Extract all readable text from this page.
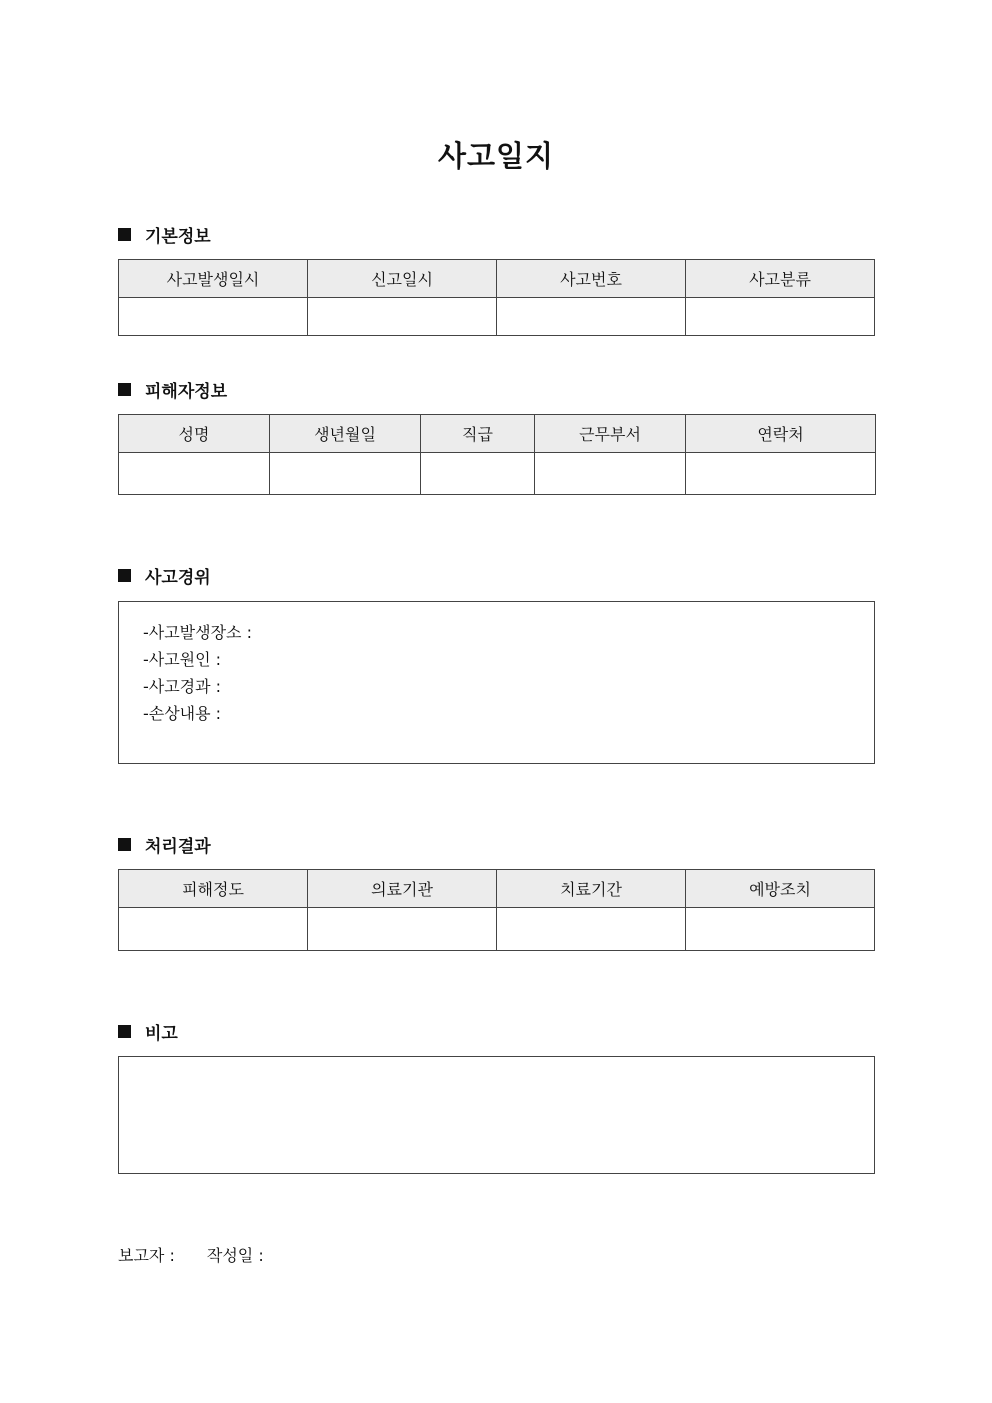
사고일지
기본정보
사고발생일시	신고일시	사고번호	사고분류

피해자정보
성명	생년월일	직급	근무부서	연락처

사고경위
-사고발생장소 :
-사고원인 :
-사고경과 :
-손상내용 :
처리결과
피해정도	의료기관	치료기간	예방조치

비고
보고자 : 작성일 :
